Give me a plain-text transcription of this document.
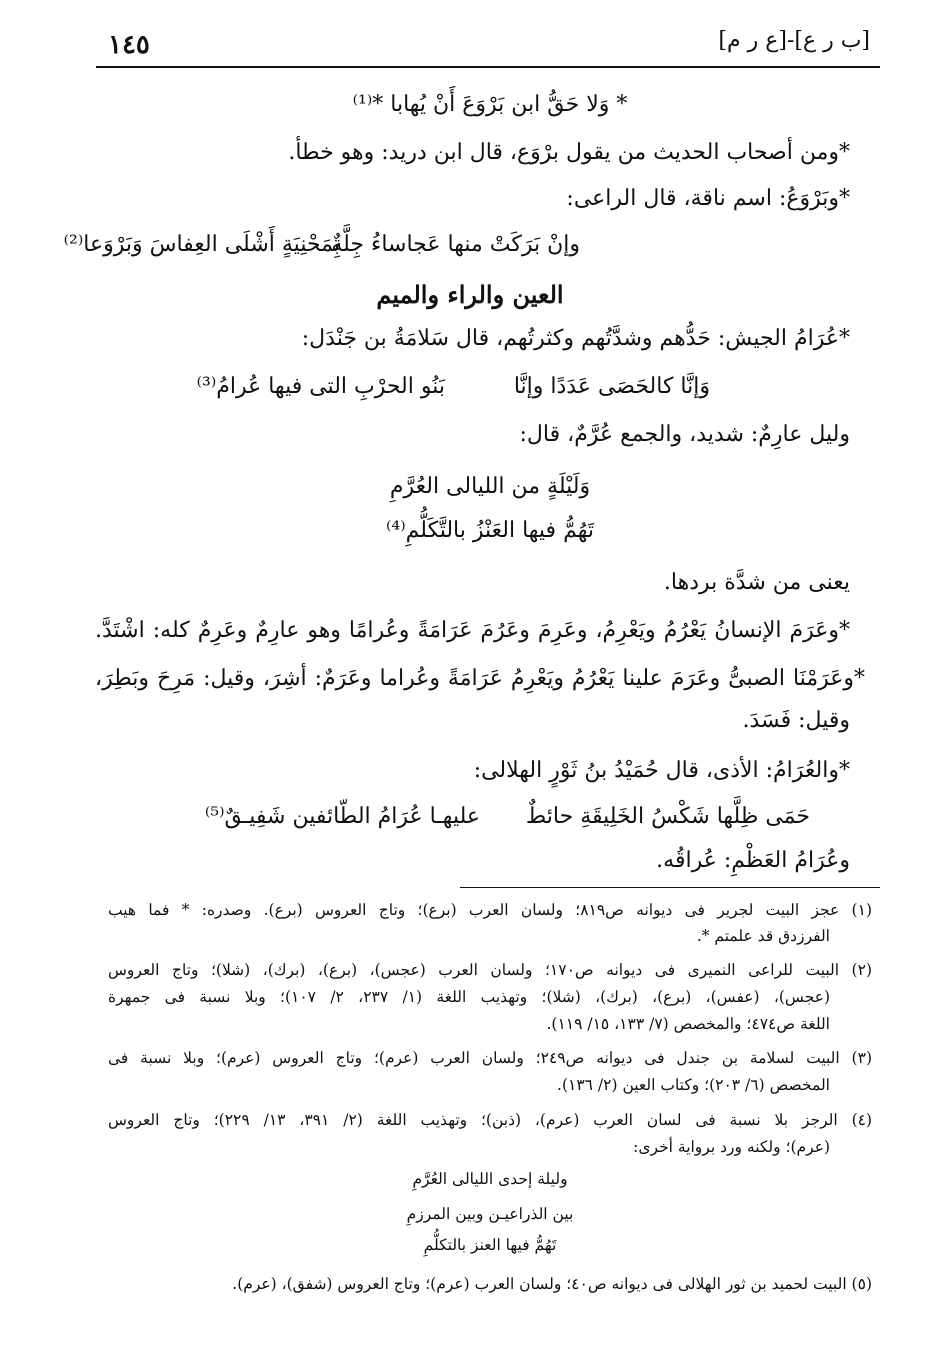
١٤٥	[ب ر ع]-[ع ر م]
* وَلا حَقُّ ابن بَرْوَعَ أَنْ يُهابا *⁽¹⁾
*ومن أصحاب الحديث من يقول برْوَع، قال ابن دريد: وهو خطأ.
*وبَرْوَعُ: اسم ناقة، قال الراعى:
وإنْ بَرَكَتْ منها عَجاساءُ جِلَّةٌ
بِمَحْنِيَةٍ أَشْلَى العِفاسَ وَبَرْوَعا⁽²⁾
العين والراء والميم
*عُرَامُ الجيش: حَدُّهم وشدَّتُهم وكثرتُهم، قال سَلامَةُ بن جَنْدَل:
وَإنَّا كالحَصَى عَدَدًا وإنَّا
بَنُو الحرْبِ التى فيها عُرامُ⁽³⁾
وليل عارِمٌ: شديد، والجمع عُرَّمٌ، قال:
وَلَيْلَةٍ من الليالى العُرَّمِ
تَهُمُّ فيها العَنْزُ بالتَّكَلُّمِ⁽⁴⁾
يعنى من شدَّة بردها.
*وعَرَمَ الإنسانُ يَعْرُمُ ويَعْرِمُ، وعَرِمَ وعَرُمَ عَرَامَةً وعُرامًا وهو عارِمٌ وعَرِمٌ كله: اشْتَدَّ.
*وعَرَمْنَا الصبىُّ وعَرَمَ علينا يَعْرُمُ ويَعْرِمُ عَرَامَةً وعُراما وعَرَمٌ: أشِرَ، وقيل: مَرِحَ وبَطِرَ،
وقيل: فَسَدَ.
*والعُرَامُ: الأذى، قال حُمَيْدُ بنُ ثَوْرٍ الهلالى:
حَمَى ظِلَّها شَكْسُ الخَلِيقَةِ حائطٌ
عليهـا عُرَامُ الطّائفين شَفِيـقٌ⁽⁵⁾
وعُرَامُ العَظْمِ: عُراقُه.
(١) عجز البيت لجرير فى ديوانه ص٨١٩؛ ولسان العرب (برع)؛ وتاج العروس (برع). وصدره: * فما هيب
الفرزدق قد علمتم *.
(٢) البيت للراعى النميرى فى ديوانه ص١٧٠؛ ولسان العرب (عجس)، (برع)، (برك)، (شلا)؛ وتاج العروس
(عجس)، (عفس)، (برع)، (برك)، (شلا)؛ وتهذيب اللغة (١/ ٢٣٧، ٢/ ١٠٧)؛ وبلا نسبة فى جمهرة
اللغة ص٤٧٤؛ والمخصص (٧/ ١٣٣، ١٥/ ١١٩).
(٣) البيت لسلامة بن جندل فى ديوانه ص٢٤٩؛ ولسان العرب (عرم)؛ وتاج العروس (عرم)؛ وبلا نسبة فى
المخصص (٦/ ٢٠٣)؛ وكتاب العين (٢/ ١٣٦).
(٤) الرجز بلا نسبة فى لسان العرب (عرم)، (ذبن)؛ وتهذيب اللغة (٢/ ٣٩١، ١٣/ ٢٢٩)؛ وتاج العروس
(عرم)؛ ولكنه ورد برواية أخرى:
وليلة إحدى الليالى العُرَّمِ
بين الذراعيـن وبين المرزمِ
تَهُمُّ فيها العنز بالتكلُّمِ
(٥) البيت لحميد بن ثور الهلالى فى ديوانه ص٤٠؛ ولسان العرب (عرم)؛ وتاج العروس (شفق)، (عرم).
